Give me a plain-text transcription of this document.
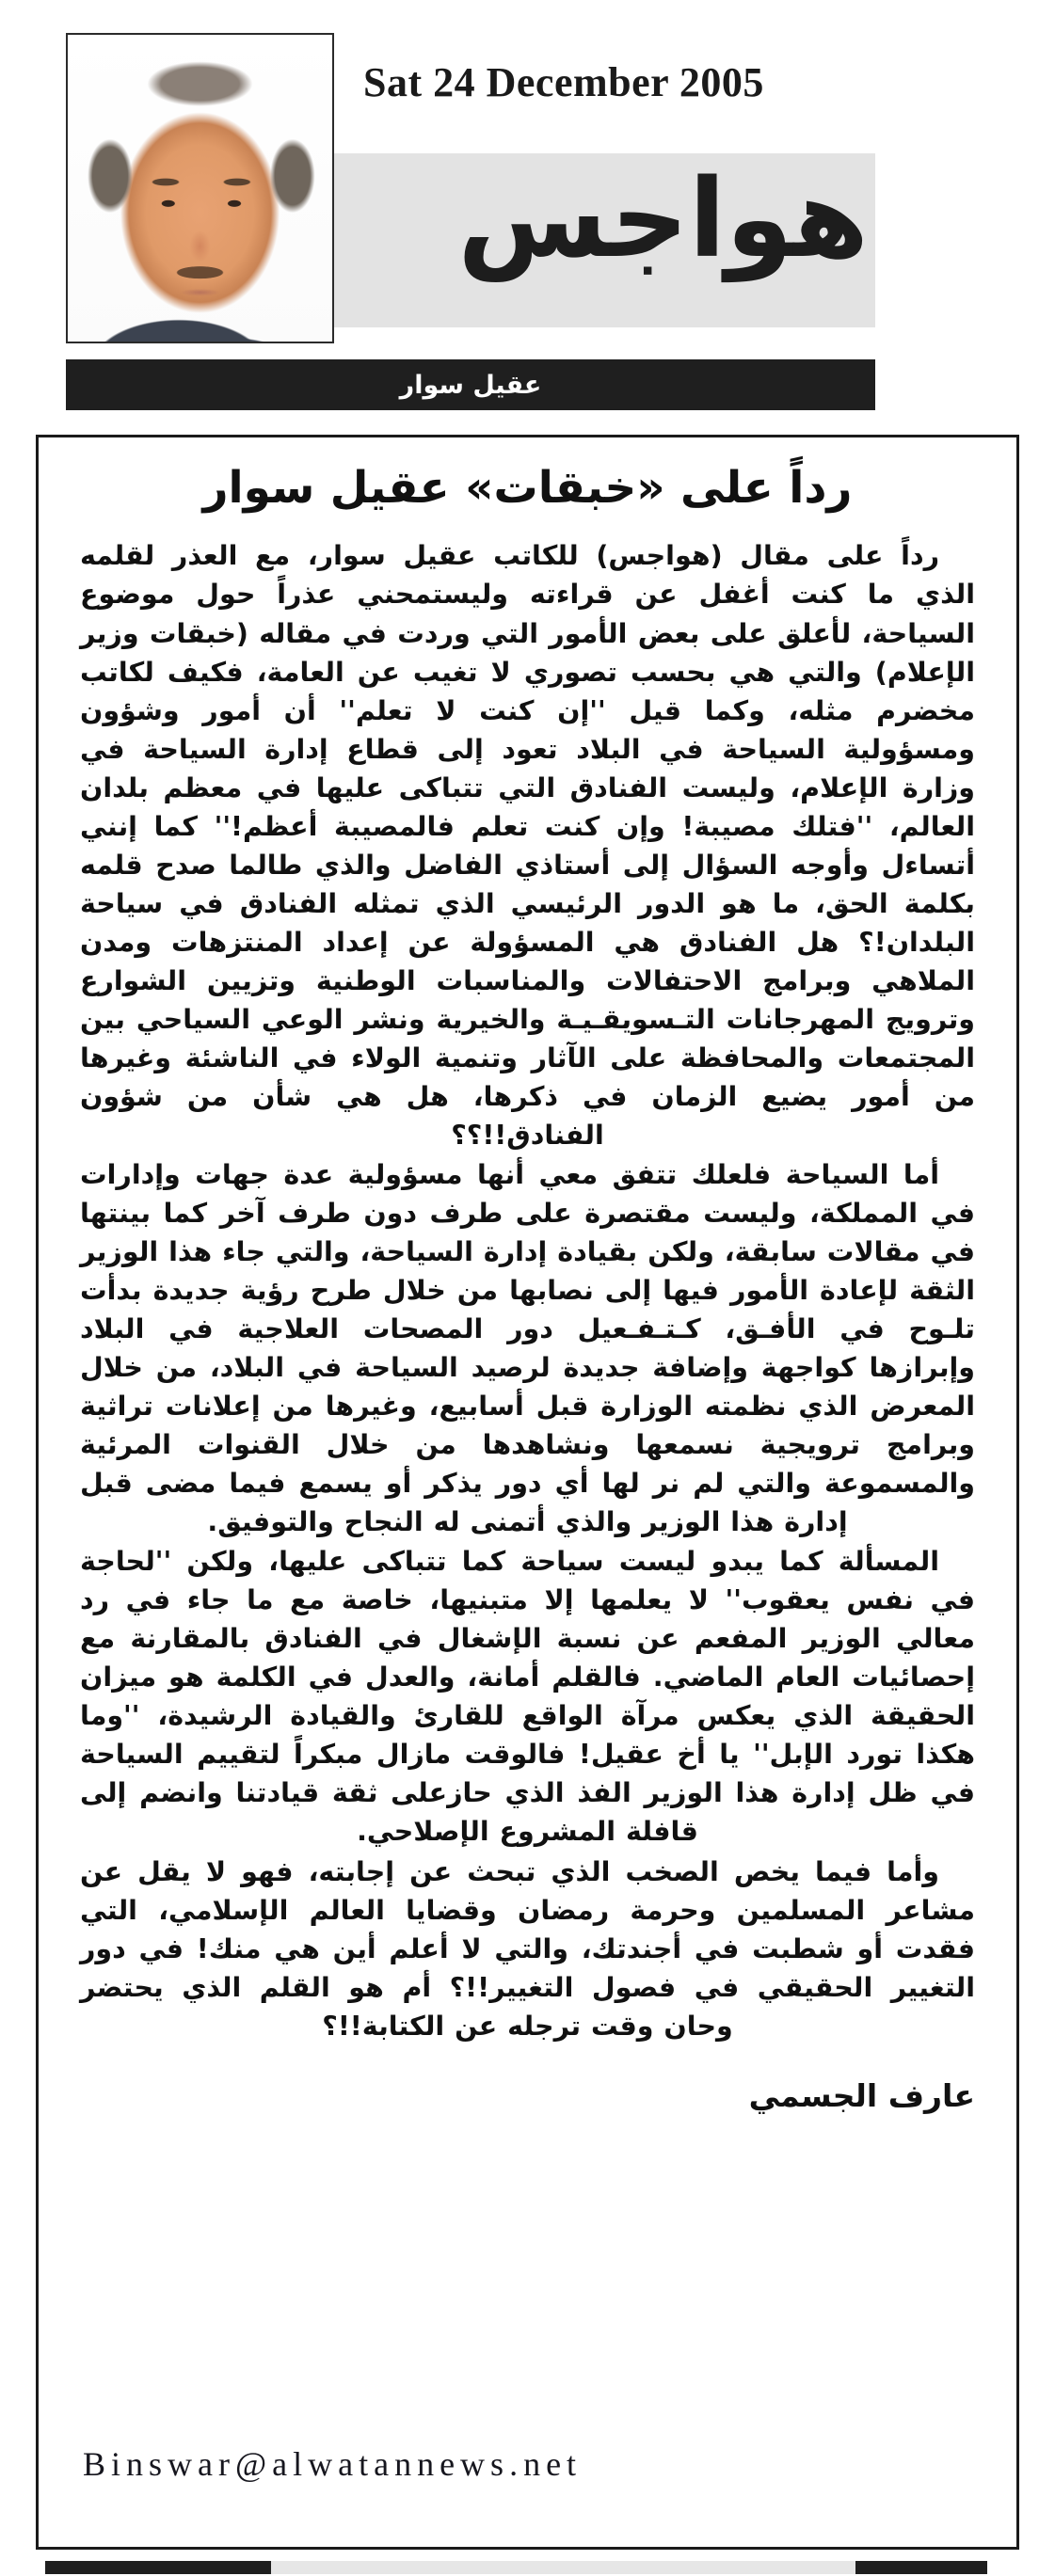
Sat 24 December 2005
هواجس
عقيل سوار
رداً على «خبقات» عقيل سوار

رداً على مقال (هواجس) للكاتب عقيل سوار، مع العذر لقلمه الذي ما كنت أغفل عن قراءته وليستمحني عذراً حول موضوع السياحة، لأعلق على بعض الأمور التي وردت في مقاله (خبقات وزير الإعلام) والتي هي بحسب تصوري لا تغيب عن العامة، فكيف لكاتب مخضرم مثله، وكما قيل ''إن كنت لا تعلم'' أن أمور وشؤون ومسؤولية السياحة في البلاد تعود إلى قطاع إدارة السياحة في وزارة الإعلام، وليست الفنادق التي تتباكى عليها في معظم بلدان العالم، ''فتلك مصيبة! وإن كنت تعلم فالمصيبة أعظم!'' كما إنني أتساءل وأوجه السؤال إلى أستاذي الفاضل والذي طالما صدح قلمه بكلمة الحق، ما هو الدور الرئيسي الذي تمثله الفنادق في سياحة البلدان!؟ هل الفنادق هي المسؤولة عن إعداد المنتزهات ومدن الملاهي وبرامج الاحتفالات والمناسبات الوطنية وتزيين الشوارع وترويج المهرجانات التـسويقـيـة والخيرية ونشر الوعي السياحي بين المجتمعات والمحافظة على الآثار وتنمية الولاء في الناشئة وغيرها من أمور يضيع الزمان في ذكرها، هل هي شأن من شؤون الفنادق!!؟؟

أما السياحة فلعلك تتفق معي أنها مسؤولية عدة جهات وإدارات في المملكة، وليست مقتصرة على طرف دون طرف آخر كما بينتها في مقالات سابقة، ولكن بقيادة إدارة السياحة، والتي جاء هذا الوزير الثقة لإعادة الأمور فيها إلى نصابها من خلال طرح رؤية جديدة بدأت تلـوح في الأفـق، كـتـفـعيل دور المصحات العلاجية في البلاد وإبرازها كواجهة وإضافة جديدة لرصيد السياحة في البلاد، من خلال المعرض الذي نظمته الوزارة قبل أسابيع، وغيرها من إعلانات تراثية وبرامج ترويجية نسمعها ونشاهدها من خلال القنوات المرئية والمسموعة والتي لم نر لها أي دور يذكر أو يسمع فيما مضى قبل إدارة هذا الوزير والذي أتمنى له النجاح والتوفيق.

المسألة كما يبدو ليست سياحة كما تتباكى عليها، ولكن ''لحاجة في نفس يعقوب'' لا يعلمها إلا متبنيها، خاصة مع ما جاء في رد معالي الوزير المفعم عن نسبة الإشغال في الفنادق بالمقارنة مع إحصائيات العام الماضي. فالقلم أمانة، والعدل في الكلمة هو ميزان الحقيقة الذي يعكس مرآة الواقع للقارئ والقيادة الرشيدة، ''وما هكذا تورد الإبل'' يا أخ عقيل! فالوقت مازال مبكراً لتقييم السياحة في ظل إدارة هذا الوزير الفذ الذي حازعلى ثقة قيادتنا وانضم إلى قافلة المشروع الإصلاحي.

وأما فيما يخص الصخب الذي تبحث عن إجابته، فهو لا يقل عن مشاعر المسلمين وحرمة رمضان وقضايا العالم الإسلامي، التي فقدت أو شطبت في أجندتك، والتي لا أعلم أين هي منك! في دور التغيير الحقيقي في فصول التغيير!!؟ أم هو القلم الذي يحتضر وحان وقت ترجله عن الكتابة!!؟

عارف الجسمي
Binswar@alwatannews.net
